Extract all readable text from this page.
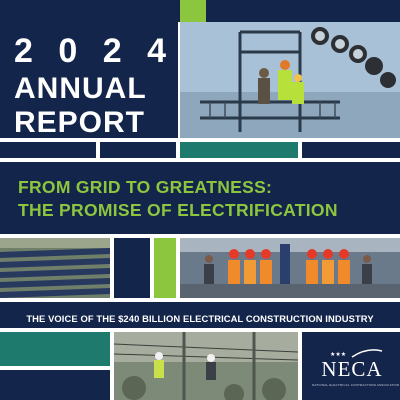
2 0 2 4
ANNUAL
REPORT
FROM GRID TO GREATNESS:
THE PROMISE OF ELECTRIFICATION
THE VOICE OF THE $240 BILLION ELECTRICAL CONSTRUCTION INDUSTRY
★★★
NECA
NATIONAL ELECTRICAL CONTRACTORS ASSOCIATION
